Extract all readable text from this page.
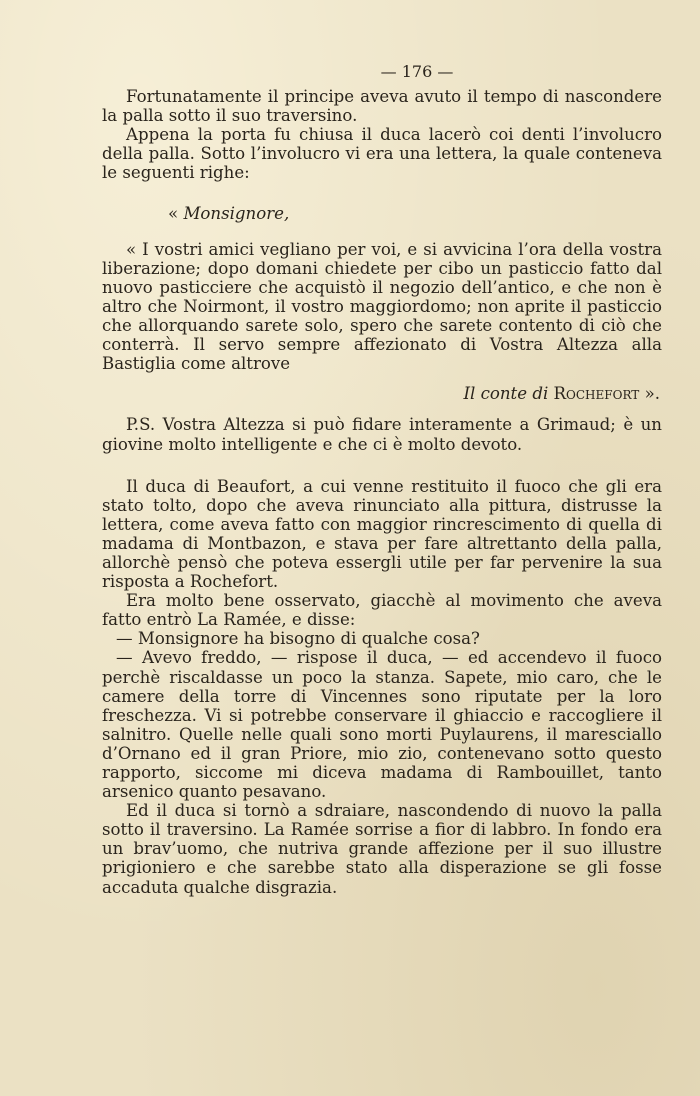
— 176 —

Fortunatamente il principe aveva avuto il tempo di nascondere la palla sotto il suo traversino.

Appena la porta fu chiusa il duca lacerò coi denti l’involucro della palla. Sotto l’involucro vi era una lettera, la quale conteneva le seguenti righe:

« Monsignore,

« I vostri amici vegliano per voi, e si avvicina l’ora della vostra liberazione; dopo domani chiedete per cibo un pasticcio fatto dal nuovo pasticciere che acquistò il negozio dell’antico, e che non è altro che Noirmont, il vostro maggiordomo; non aprite il pasticcio che allorquando sarete solo, spero che sarete contento di ciò che conterrà. Il servo sempre affezionato di Vostra Altezza alla Bastiglia come altrove

Il conte di Rochefort ».

P.S. Vostra Altezza si può fidare interamente a Grimaud; è un giovine molto intelligente e che ci è molto devoto.

Il duca di Beaufort, a cui venne restituito il fuoco che gli era stato tolto, dopo che aveva rinunciato alla pittura, distrusse la lettera, come aveva fatto con maggior rincrescimento di quella di madama di Montbazon, e stava per fare altrettanto della palla, allorchè pensò che poteva essergli utile per far pervenire la sua risposta a Rochefort.

Era molto bene osservato, giacchè al movimento che aveva fatto entrò La Ramée, e disse:

— Monsignore ha bisogno di qualche cosa?

— Avevo freddo, — rispose il duca, — ed accendevo il fuoco perchè riscaldasse un poco la stanza. Sapete, mio caro, che le camere della torre di Vincennes sono riputate per la loro freschezza. Vi si potrebbe conservare il ghiaccio e raccogliere il salnitro. Quelle nelle quali sono morti Puylaurens, il maresciallo d’Ornano ed il gran Priore, mio zio, contenevano sotto questo rapporto, siccome mi diceva madama di Rambouillet, tanto arsenico quanto pesavano.

Ed il duca si tornò a sdraiare, nascondendo di nuovo la palla sotto il traversino. La Ramée sorrise a fior di labbro. In fondo era un brav’uomo, che nutriva grande affezione per il suo illustre prigioniero e che sarebbe stato alla disperazione se gli fosse accaduta qualche disgrazia.
